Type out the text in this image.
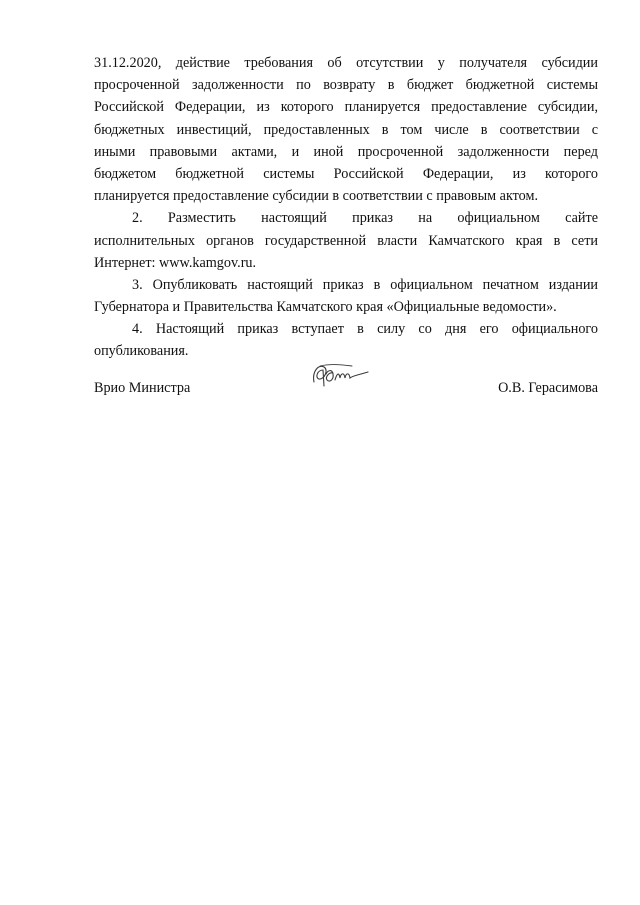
31.12.2020, действие требования об отсутствии у получателя субсидии
просроченной задолженности по возврату в бюджет бюджетной системы
Российской Федерации, из которого планируется предоставление субсидии,
бюджетных инвестиций, предоставленных в том числе в соответствии с
иными правовыми актами, и иной просроченной задолженности перед
бюджетом бюджетной системы Российской Федерации, из которого
планируется предоставление субсидии в соответствии с правовым актом.
2. Разместить настоящий приказ на официальном сайте
исполнительных органов государственной власти Камчатского края в сети
Интернет: www.kamgov.ru.
3. Опубликовать настоящий приказ в официальном печатном издании
Губернатора и Правительства Камчатского края «Официальные ведомости».
4. Настоящий приказ вступает в силу со дня его официального
опубликования.
Врио Министра	О.В. Герасимова
